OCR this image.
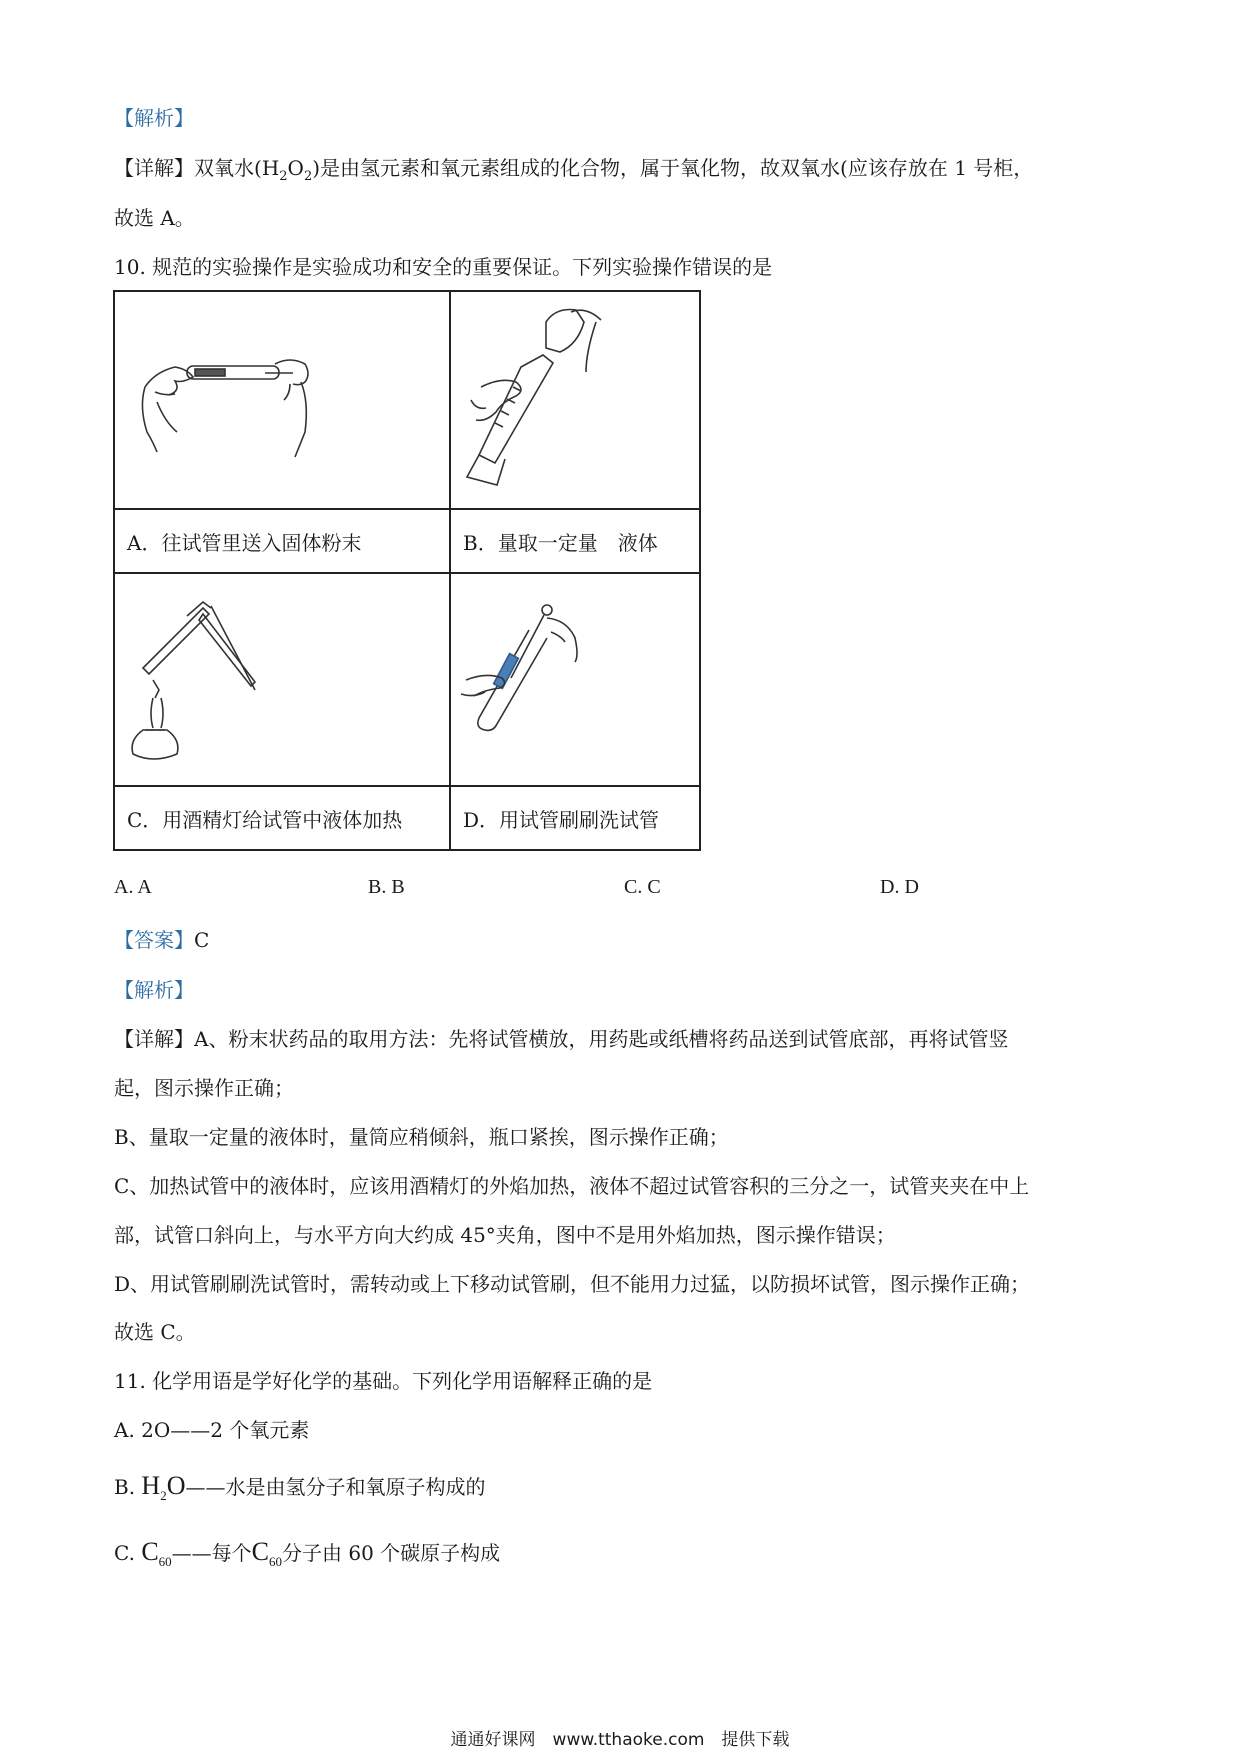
【解析】
【详解】双氧水$(H_2O_2)$是由氢元素和氧元素组成的化合物，属于氧化物，故双氧水(应该存放在 1 号柜，
故选 A。
10. 规范的实验操作是实验成功和安全的重要保证。下列实验操作错误的是

A．往试管里送入固体粉末	B．量取一定量　液体

C．用酒精灯给试管中液体加热	D．用试管刷刷洗试管
A. A	B. B	C. C	D. D
【答案】C
【解析】
【详解】A、粉末状药品的取用方法：先将试管横放，用药匙或纸槽将药品送到试管底部，再将试管竖
起，图示操作正确；
B、量取一定量的液体时，量筒应稍倾斜，瓶口紧挨，图示操作正确；
C、加热试管中的液体时，应该用酒精灯的外焰加热，液体不超过试管容积的三分之一，试管夹夹在中上
部，试管口斜向上，与水平方向大约成 45°夹角，图中不是用外焰加热，图示操作错误；
D、用试管刷刷洗试管时，需转动或上下移动试管刷，但不能用力过猛，以防损坏试管，图示操作正确；
故选 C。
11. 化学用语是学好化学的基础。下列化学用语解释正确的是
A. 2O——2 个氧元素
B. $H_2O——$水是由氢分子和氧原子构成的
C. $C_{60}——$每个$C_{60}$分子由 60 个碳原子构成
通通好课网　www.tthaoke.com　提供下载
